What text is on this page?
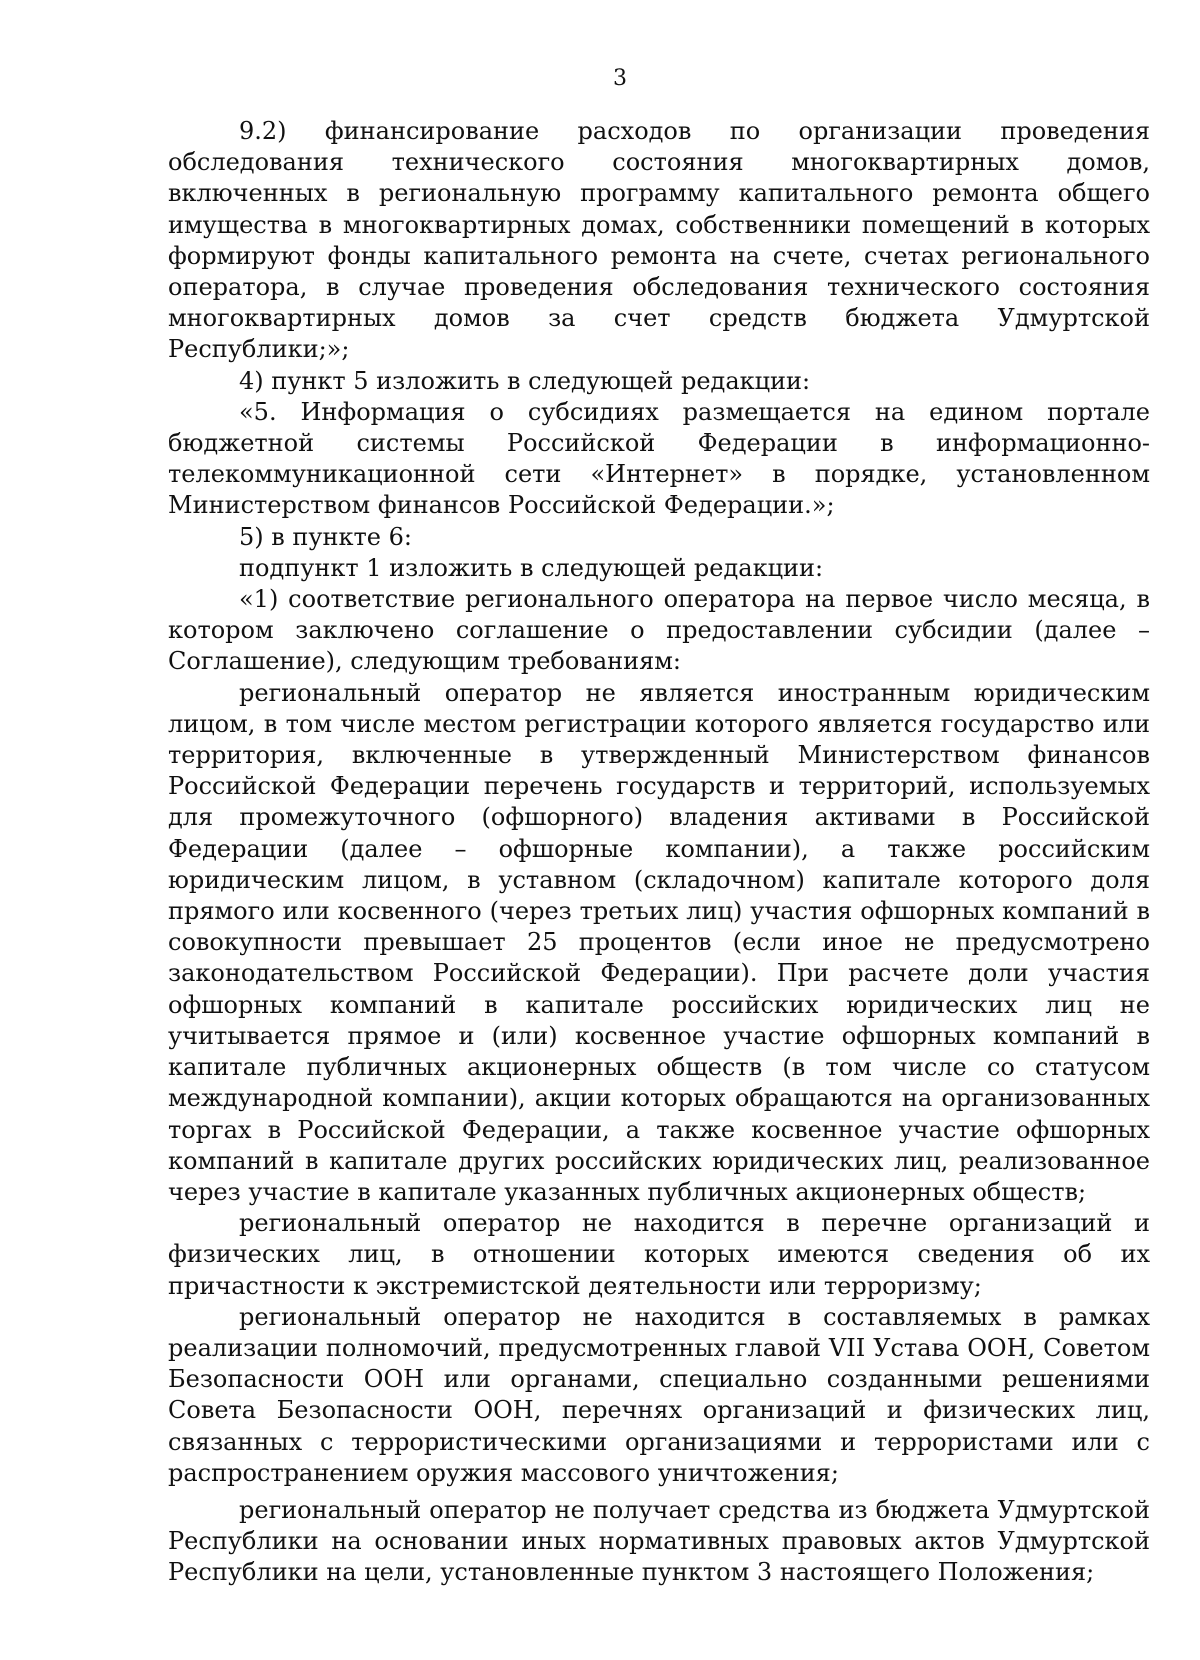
3

9.2) финансирование расходов по организации проведения обследования технического состояния многоквартирных домов, включенных в региональную программу капитального ремонта общего имущества в многоквартирных домах, собственники помещений в которых формируют фонды капитального ремонта на счете, счетах регионального оператора, в случае проведения обследования технического состояния многоквартирных домов за счет средств бюджета Удмуртской Республики;»;

4) пункт 5 изложить в следующей редакции:

«5. Информация о субсидиях размещается на едином портале бюджетной системы Российской Федерации в информационно-телекоммуникационной сети «Интернет» в порядке, установленном Министерством финансов Российской Федерации.»;

5) в пункте 6:

подпункт 1 изложить в следующей редакции:

«1) соответствие регионального оператора на первое число месяца, в котором заключено соглашение о предоставлении субсидии (далее – Соглашение), следующим требованиям:

региональный оператор не является иностранным юридическим лицом, в том числе местом регистрации которого является государство или территория, включенные в утвержденный Министерством финансов Российской Федерации перечень государств и территорий, используемых для промежуточного (офшорного) владения активами в Российской Федерации (далее – офшорные компании), а также российским юридическим лицом, в уставном (складочном) капитале которого доля прямого или косвенного (через третьих лиц) участия офшорных компаний в совокупности превышает 25 процентов (если иное не предусмотрено законодательством Российской Федерации). При расчете доли участия офшорных компаний в капитале российских юридических лиц не учитывается прямое и (или) косвенное участие офшорных компаний в капитале публичных акционерных обществ (в том числе со статусом международной компании), акции которых обращаются на организованных торгах в Российской Федерации, а также косвенное участие офшорных компаний в капитале других российских юридических лиц, реализованное через участие в капитале указанных публичных акционерных обществ;

региональный оператор не находится в перечне организаций и физических лиц, в отношении которых имеются сведения об их причастности к экстремистской деятельности или терроризму;

региональный оператор не находится в составляемых в рамках реализации полномочий, предусмотренных главой VII Устава ООН, Советом Безопасности ООН или органами, специально созданными решениями Совета Безопасности ООН, перечнях организаций и физических лиц, связанных с террористическими организациями и террористами или с распространением оружия массового уничтожения;

региональный оператор не получает средства из бюджета Удмуртской Республики на основании иных нормативных правовых актов Удмуртской Республики на цели, установленные пунктом 3 настоящего Положения;
